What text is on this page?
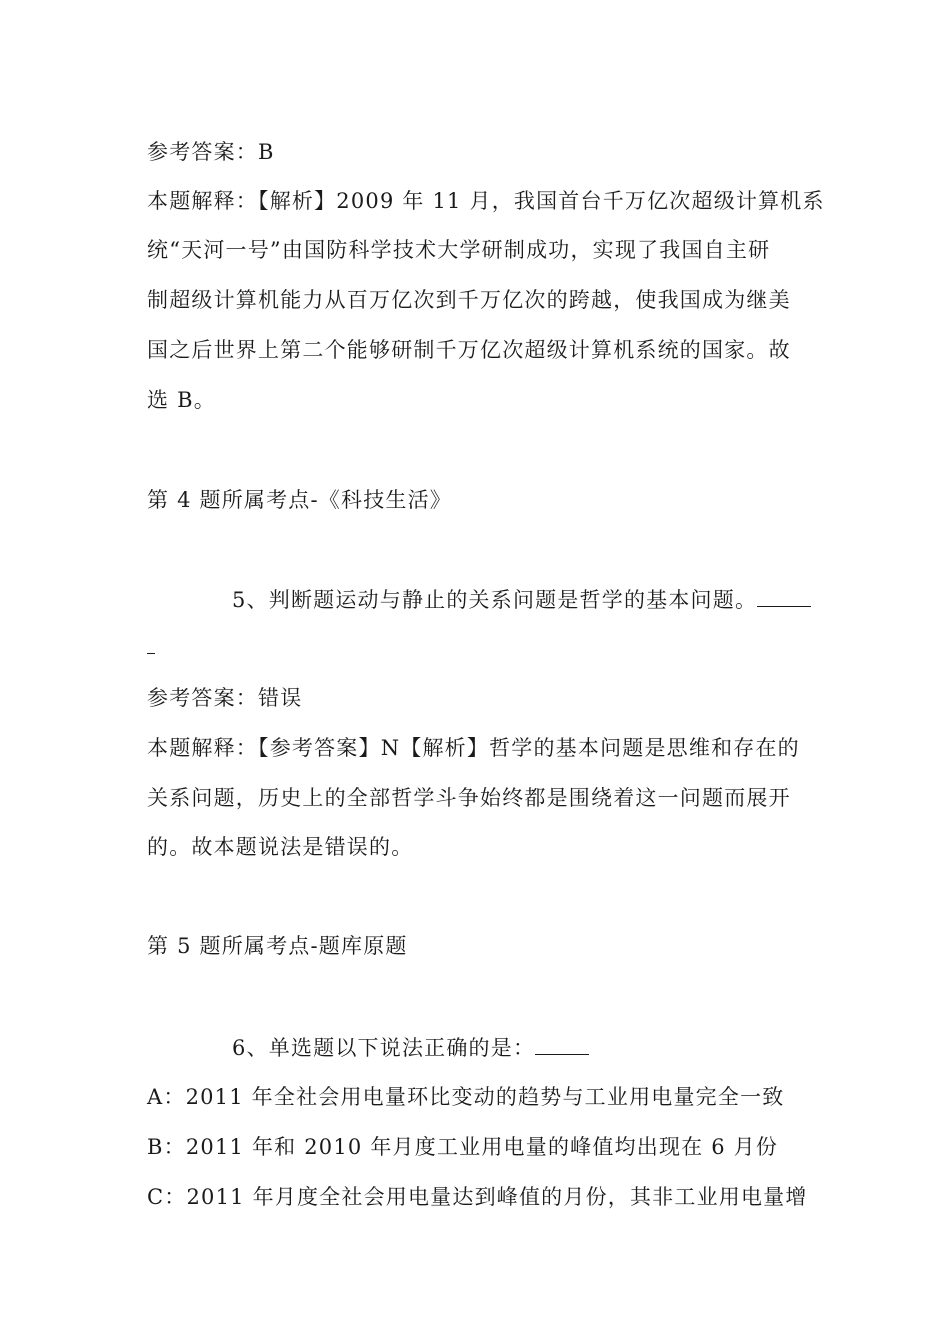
参考答案：B
本题解释：【解析】2009 年 11 月，我国首台千万亿次超级计算机系
统“天河一号”由国防科学技术大学研制成功，实现了我国自主研
制超级计算机能力从百万亿次到千万亿次的跨越，使我国成为继美
国之后世界上第二个能够研制千万亿次超级计算机系统的国家。故
选 B。
第 4 题所属考点-《科技生活》
5、判断题运动与静止的关系问题是哲学的基本问题。
参考答案：错误
本题解释：【参考答案】N【解析】哲学的基本问题是思维和存在的
关系问题，历史上的全部哲学斗争始终都是围绕着这一问题而展开
的。故本题说法是错误的。
第 5 题所属考点-题库原题
6、单选题以下说法正确的是：
A：2011 年全社会用电量环比变动的趋势与工业用电量完全一致
B：2011 年和 2010 年月度工业用电量的峰值均出现在 6 月份
C：2011 年月度全社会用电量达到峰值的月份，其非工业用电量增
